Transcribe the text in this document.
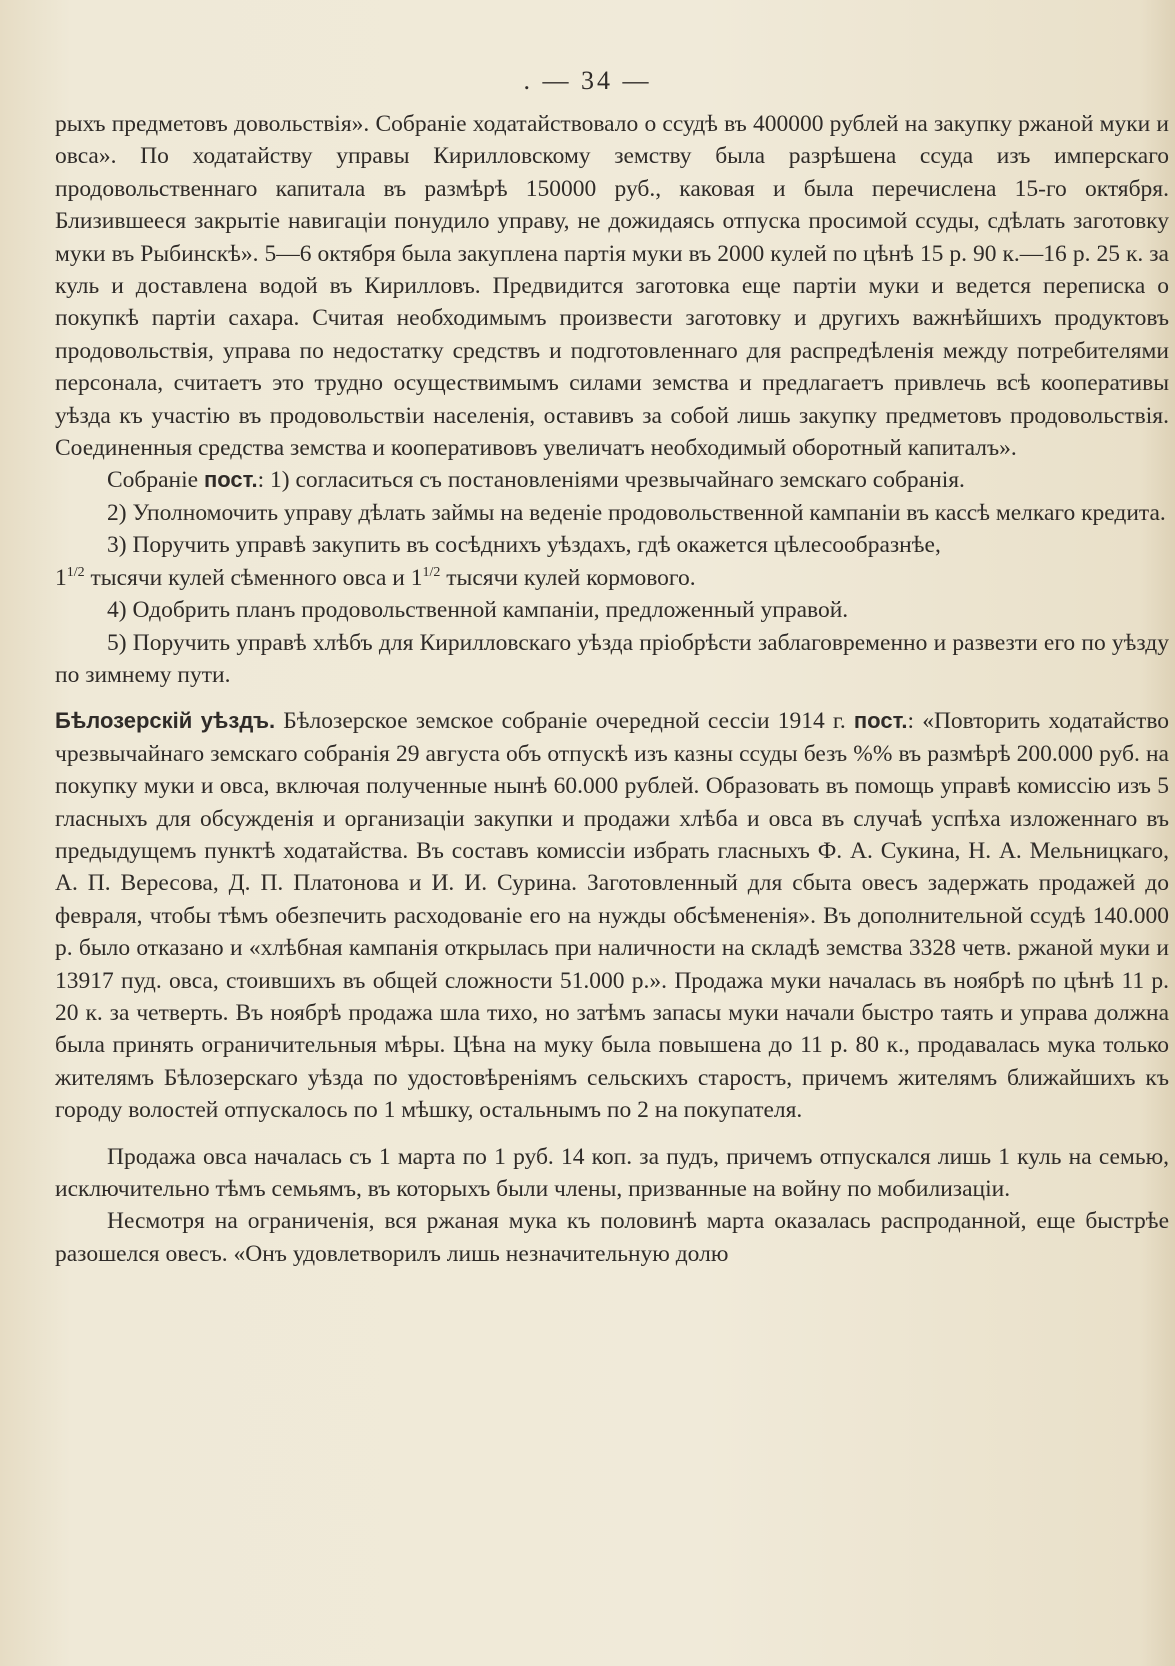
. — 34 —

рыхъ предметовъ довольствія». Собраніе ходатайствовало о ссудѣ въ 400000 рублей на закупку ржаной муки и овса». По ходатайству управы Кирилловскому земству была разрѣшена ссуда изъ имперскаго продовольственнаго капитала въ размѣрѣ 150000 руб., каковая и была перечислена 15-го октября. Близившееся закрытіе навигаціи понудило управу, не дожидаясь отпуска просимой ссуды, сдѣлать заготовку муки въ Рыбинскѣ». 5—6 октября была закуплена партія муки въ 2000 кулей по цѣнѣ 15 р. 90 к.—16 р. 25 к. за куль и доставлена водой въ Кирилловъ. Предвидится заготовка еще партіи муки и ведется переписка о покупкѣ партіи сахара. Считая необходимымъ произвести заготовку и другихъ важнѣйшихъ продуктовъ продовольствія, управа по недостатку средствъ и подготовленнаго для распредѣленія между потребителями персонала, считаетъ это трудно осуществимымъ силами земства и предлагаетъ привлечь всѣ кооперативы уѣзда къ участію въ продовольствіи населенія, оставивъ за собой лишь закупку предметовъ продовольствія. Соединенныя средства земства и кооперативовъ увеличатъ необходимый оборотный капиталъ».

Собраніе пост.: 1) согласиться съ постановленіями чрезвычайнаго земскаго собранія.

2) Уполномочить управу дѣлать займы на веденіе продовольственной кампаніи въ кассѣ мелкаго кредита.

3) Поручить управѣ закупить въ сосѣднихъ уѣздахъ, гдѣ окажется цѣлесообразнѣе,

$1^{1/2}$ тысячи кулей сѣменного овса и $1^{1/2}$ тысячи кулей кормового.

4) Одобрить планъ продовольственной кампаніи, предложенный управой.

5) Поручить управѣ хлѣбъ для Кирилловскаго уѣзда пріобрѣсти заблаговременно и развезти его по уѣзду по зимнему пути.

Бѣлозерскій уѣздъ. Бѣлозерское земское собраніе очередной сессіи 1914 г. пост.: «Повторить ходатайство чрезвычайнаго земскаго собранія 29 августа объ отпускѣ изъ казны ссуды безъ %% въ размѣрѣ 200.000 руб. на покупку муки и овса, включая полученные нынѣ 60.000 рублей. Образовать въ помощь управѣ комиссію изъ 5 гласныхъ для обсужденія и организаціи закупки и продажи хлѣба и овса въ случаѣ успѣха изложеннаго въ предыдущемъ пунктѣ ходатайства. Въ составъ комиссіи избрать гласныхъ Ф. А. Сукина, Н. А. Мельницкаго, А. П. Вересова, Д. П. Платонова и И. И. Сурина. Заготовленный для сбыта овесъ задержать продажей до февраля, чтобы тѣмъ обезпечить расходованіе его на нужды обсѣмененія». Въ дополнительной ссудѣ 140.000 р. было отказано и «хлѣбная кампанія открылась при наличности на складѣ земства 3328 четв. ржаной муки и 13917 пуд. овса, стоившихъ въ общей сложности 51.000 р.». Продажа муки началась въ ноябрѣ по цѣнѣ 11 р. 20 к. за четверть. Въ ноябрѣ продажа шла тихо, но затѣмъ запасы муки начали быстро таять и управа должна была принять ограничительныя мѣры. Цѣна на муку была повышена до 11 р. 80 к., продавалась мука только жителямъ Бѣлозерскаго уѣзда по удостовѣреніямъ сельскихъ старостъ, причемъ жителямъ ближайшихъ къ городу волостей отпускалось по 1 мѣшку, остальнымъ по 2 на покупателя.

Продажа овса началась съ 1 марта по 1 руб. 14 коп. за пудъ, причемъ отпускался лишь 1 куль на семью, исключительно тѣмъ семьямъ, въ которыхъ были члены, призванные на войну по мобилизаціи.

Несмотря на ограниченія, вся ржаная мука къ половинѣ марта оказалась распроданной, еще быстрѣе разошелся овесъ. «Онъ удовлетворилъ лишь незначительную долю
